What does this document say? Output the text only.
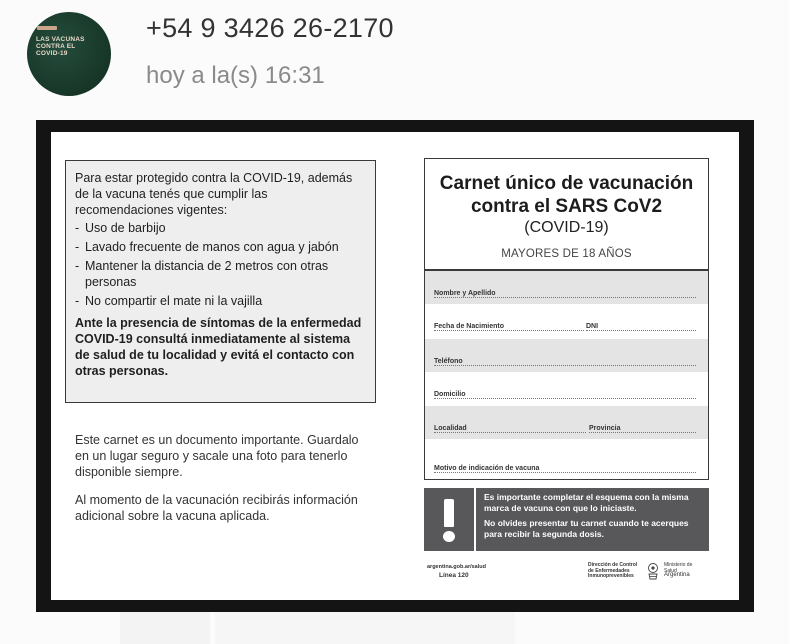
LAS VACUNAS
CONTRA EL
COVID-19
+54 9 3426 26-2170
hoy a la(s) 16:31

Para estar protegido contra la COVID-19, además de la vacuna tenés que cumplir las recomendaciones vigentes:

- Uso de barbijo
- Lavado frecuente de manos con agua y jabón
- Mantener la distancia de 2 metros con otras personas
- No compartir el mate ni la vajilla

Ante la presencia de síntomas de la enfermedad COVID-19 consultá inmediatamente al sistema de salud de tu localidad y evitá el contacto con otras personas.

Este carnet es un documento importante. Guardalo en un lugar seguro y sacale una foto para tenerlo disponible siempre.
Al momento de la vacunación recibirás información adicional sobre la vacuna aplicada.
Carnet único de vacunación contra el SARS CoV2
(COVID-19)
MAYORES DE 18 AÑOS
Nombre y Apellido
Fecha de Nacimiento	DNI
Teléfono
Domicilio
Localidad	Provincia
Motivo de indicación de vacuna

Es importante completar el esquema con la misma marca de vacuna con que lo iniciaste.

No olvides presentar tu carnet cuando te acerques para recibir la segunda dosis.

argentina.gob.ar/salud
Línea 120
Dirección de Control de Enfermedades Inmunoprevenibles
Ministerio de Salud
Argentina
